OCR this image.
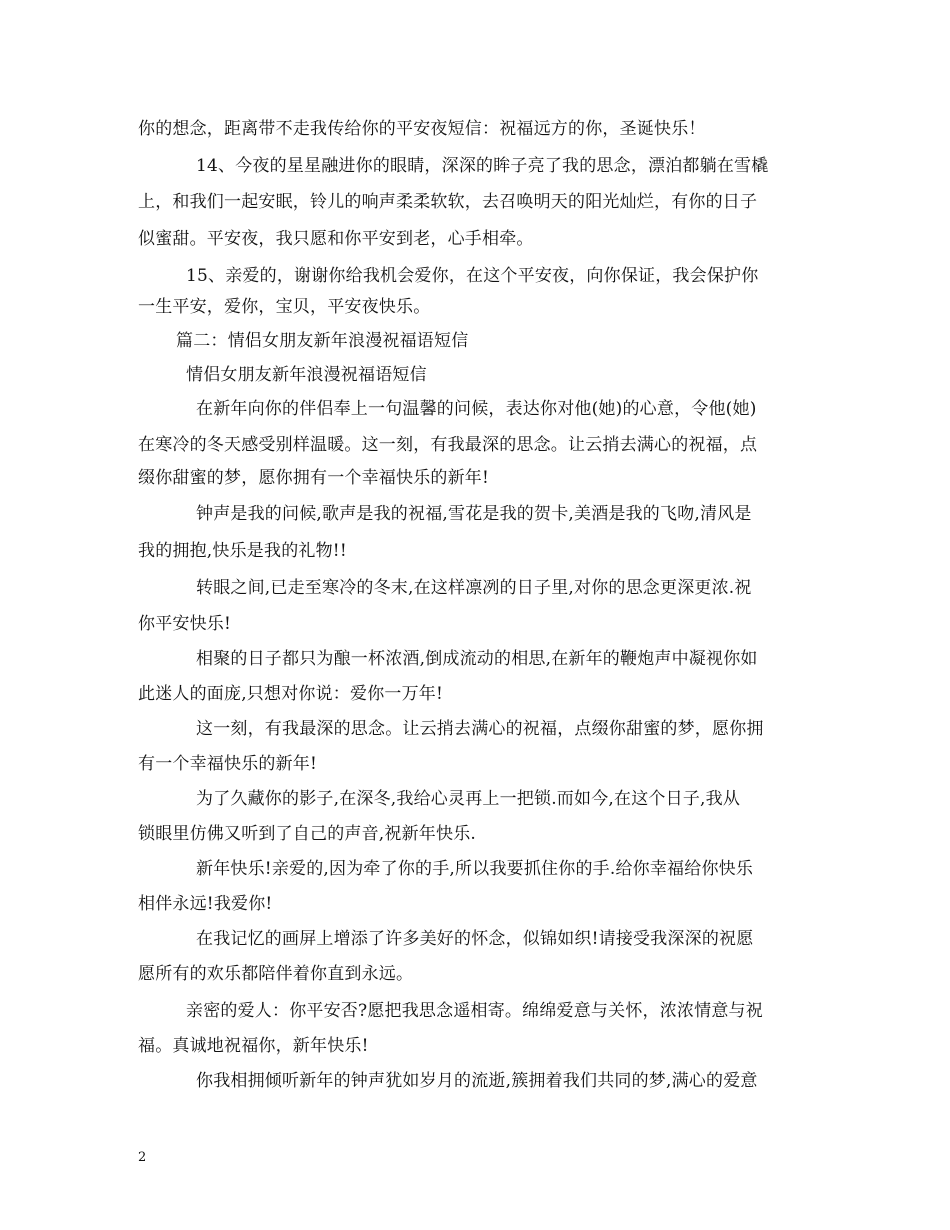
你的想念，距离带不走我传给你的平安夜短信：祝福远方的你，圣诞快乐！
14、今夜的星星融进你的眼睛，深深的眸子亮了我的思念，漂泊都躺在雪橇
上，和我们一起安眠，铃儿的响声柔柔软软，去召唤明天的阳光灿烂，有你的日子
似蜜甜。平安夜，我只愿和你平安到老，心手相牵。
15、亲爱的，谢谢你给我机会爱你，在这个平安夜，向你保证，我会保护你
一生平安，爱你，宝贝，平安夜快乐。
篇二：情侣女朋友新年浪漫祝福语短信
情侣女朋友新年浪漫祝福语短信
在新年向你的伴侣奉上一句温馨的问候，表达你对他(她)的心意，令他(她)
在寒冷的冬天感受别样温暖。这一刻，有我最深的思念。让云捎去满心的祝福，点
缀你甜蜜的梦，愿你拥有一个幸福快乐的新年!
钟声是我的问候,歌声是我的祝福,雪花是我的贺卡,美酒是我的飞吻,清风是
我的拥抱,快乐是我的礼物!!
转眼之间,已走至寒冷的冬末,在这样凛冽的日子里,对你的思念更深更浓.祝
你平安快乐!
相聚的日子都只为酿一杯浓酒,倒成流动的相思,在新年的鞭炮声中凝视你如
此迷人的面庞,只想对你说：爱你一万年!
这一刻，有我最深的思念。让云捎去满心的祝福，点缀你甜蜜的梦，愿你拥
有一个幸福快乐的新年!
为了久藏你的影子,在深冬,我给心灵再上一把锁.而如今,在这个日子,我从
锁眼里仿佛又听到了自己的声音,祝新年快乐.
新年快乐!亲爱的,因为牵了你的手,所以我要抓住你的手.给你幸福给你快乐
相伴永远!我爱你!
在我记忆的画屏上增添了许多美好的怀念，似锦如织!请接受我深深的祝愿
愿所有的欢乐都陪伴着你直到永远。
亲密的爱人：你平安否?愿把我思念遥相寄。绵绵爱意与关怀，浓浓情意与祝
福。真诚地祝福你，新年快乐!
你我相拥倾听新年的钟声犹如岁月的流逝,簇拥着我们共同的梦,满心的爱意
2
